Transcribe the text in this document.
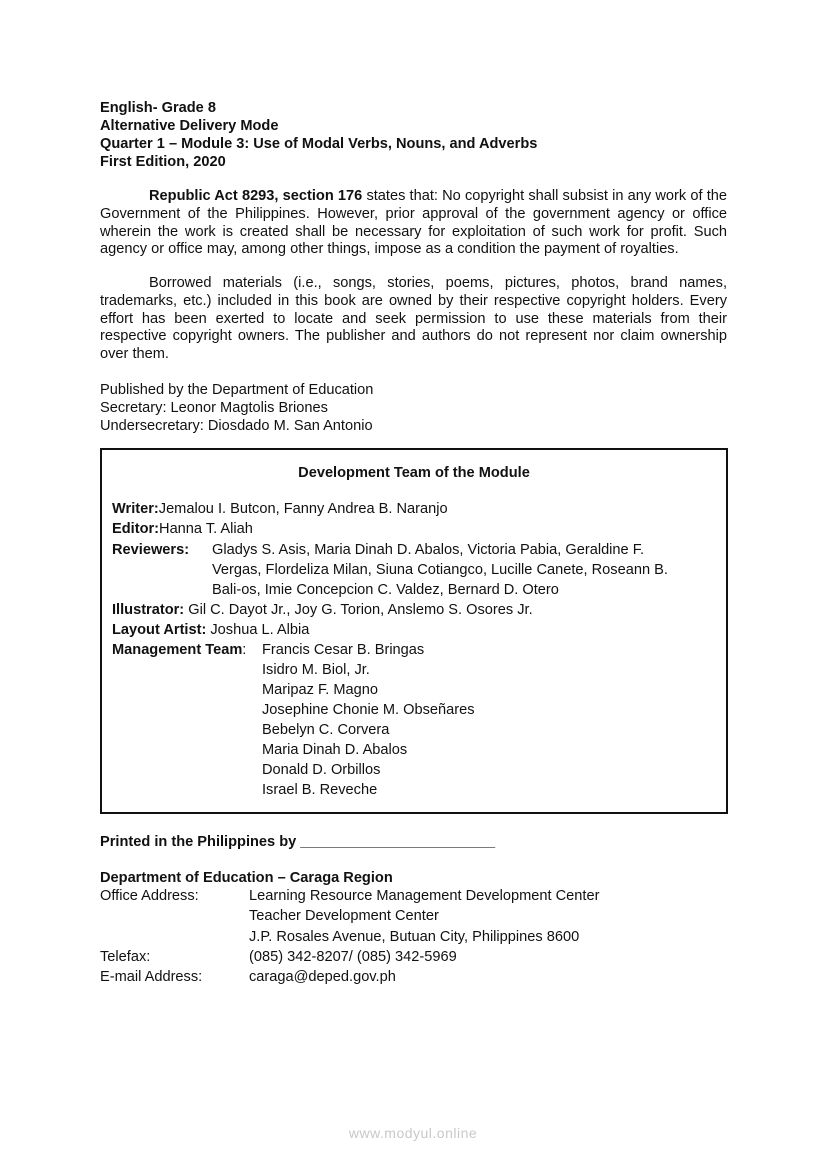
English- Grade 8
Alternative Delivery Mode
Quarter 1 – Module 3: Use of Modal Verbs, Nouns, and Adverbs
First Edition, 2020
Republic Act 8293, section 176 states that: No copyright shall subsist in any work of the Government of the Philippines. However, prior approval of the government agency or office wherein the work is created shall be necessary for exploitation of such work for profit. Such agency or office may, among other things, impose as a condition the payment of royalties.
Borrowed materials (i.e., songs, stories, poems, pictures, photos, brand names, trademarks, etc.) included in this book are owned by their respective copyright holders. Every effort has been exerted to locate and seek permission to use these materials from their respective copyright owners. The publisher and authors do not represent nor claim ownership over them.
Published by the Department of Education
Secretary: Leonor Magtolis Briones
Undersecretary: Diosdado M. San Antonio
Development Team of the Module
Writer:Jemalou I. Butcon, Fanny Andrea B. Naranjo
Editor:Hanna T. Aliah
Reviewers: Gladys S. Asis, Maria Dinah D. Abalos, Victoria Pabia, Geraldine F.
Vergas, Flordeliza Milan, Siuna Cotiangco, Lucille Canete, Roseann B.
Bali-os, Imie Concepcion C. Valdez, Bernard D. Otero
Illustrator: Gil C. Dayot Jr., Joy G. Torion, Anslemo S. Osores Jr.
Layout Artist: Joshua L. Albia
Management Team: Francis Cesar B. Bringas
Isidro M. Biol, Jr.
Maripaz F. Magno
Josephine Chonie M. Obseñares
Bebelyn C. Corvera
Maria Dinah D. Abalos
Donald D. Orbillos
Israel B. Reveche
Printed in the Philippines by ________________________
Department of Education – Caraga Region
Office Address:	Learning Resource Management Development Center
Teacher Development Center
J.P. Rosales Avenue, Butuan City, Philippines 8600
Telefax:	(085) 342-8207/ (085) 342-5969
E-mail Address:	caraga@deped.gov.ph
www.modyul.online
